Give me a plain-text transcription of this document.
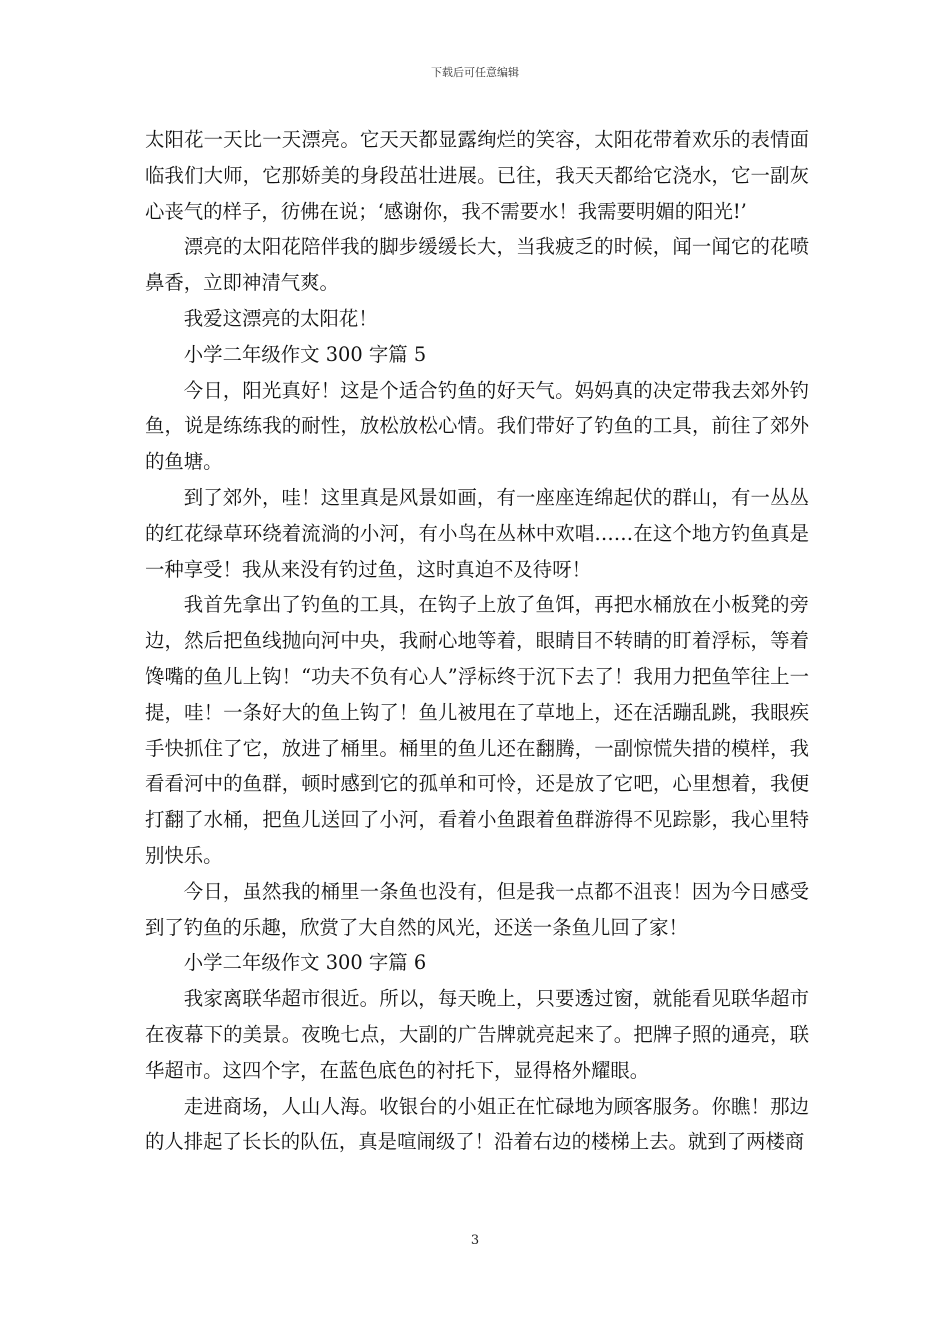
下载后可任意编辑

太阳花一天比一天漂亮。它天天都显露绚烂的笑容，太阳花带着欢乐的表情面临我们大师，它那娇美的身段茁壮进展。已往，我天天都给它浇水，它一副灰心丧气的样子，彷佛在说；‘感谢你，我不需要水！我需要明媚的阳光!’

漂亮的太阳花陪伴我的脚步缓缓长大，当我疲乏的时候，闻一闻它的花喷鼻香，立即神清气爽。

我爱这漂亮的太阳花！

小学二年级作文 300 字篇 5

今日，阳光真好！这是个适合钓鱼的好天气。妈妈真的决定带我去郊外钓鱼，说是练练我的耐性，放松放松心情。我们带好了钓鱼的工具，前往了郊外的鱼塘。

到了郊外，哇！这里真是风景如画，有一座座连绵起伏的群山，有一丛丛的红花绿草环绕着流淌的小河，有小鸟在丛林中欢唱……在这个地方钓鱼真是一种享受！我从来没有钓过鱼，这时真迫不及待呀！

我首先拿出了钓鱼的工具，在钩子上放了鱼饵，再把水桶放在小板凳的旁边，然后把鱼线抛向河中央，我耐心地等着，眼睛目不转睛的盯着浮标，等着馋嘴的鱼儿上钩！“功夫不负有心人”浮标终于沉下去了！我用力把鱼竿往上一提，哇！一条好大的鱼上钩了！鱼儿被甩在了草地上，还在活蹦乱跳，我眼疾手快抓住了它，放进了桶里。桶里的鱼儿还在翻腾，一副惊慌失措的模样，我看看河中的鱼群，顿时感到它的孤单和可怜，还是放了它吧，心里想着，我便打翻了水桶，把鱼儿送回了小河，看着小鱼跟着鱼群游得不见踪影，我心里特别快乐。

今日，虽然我的桶里一条鱼也没有，但是我一点都不沮丧！因为今日感受到了钓鱼的乐趣，欣赏了大自然的风光，还送一条鱼儿回了家！

小学二年级作文 300 字篇 6

我家离联华超市很近。所以，每天晚上，只要透过窗，就能看见联华超市在夜幕下的美景。夜晚七点，大副的广告牌就亮起来了。把牌子照的通亮，联华超市。这四个字，在蓝色底色的衬托下，显得格外耀眼。

走进商场，人山人海。收银台的小姐正在忙碌地为顾客服务。你瞧！那边的人排起了长长的队伍，真是喧闹级了！沿着右边的楼梯上去。就到了两楼商

3
